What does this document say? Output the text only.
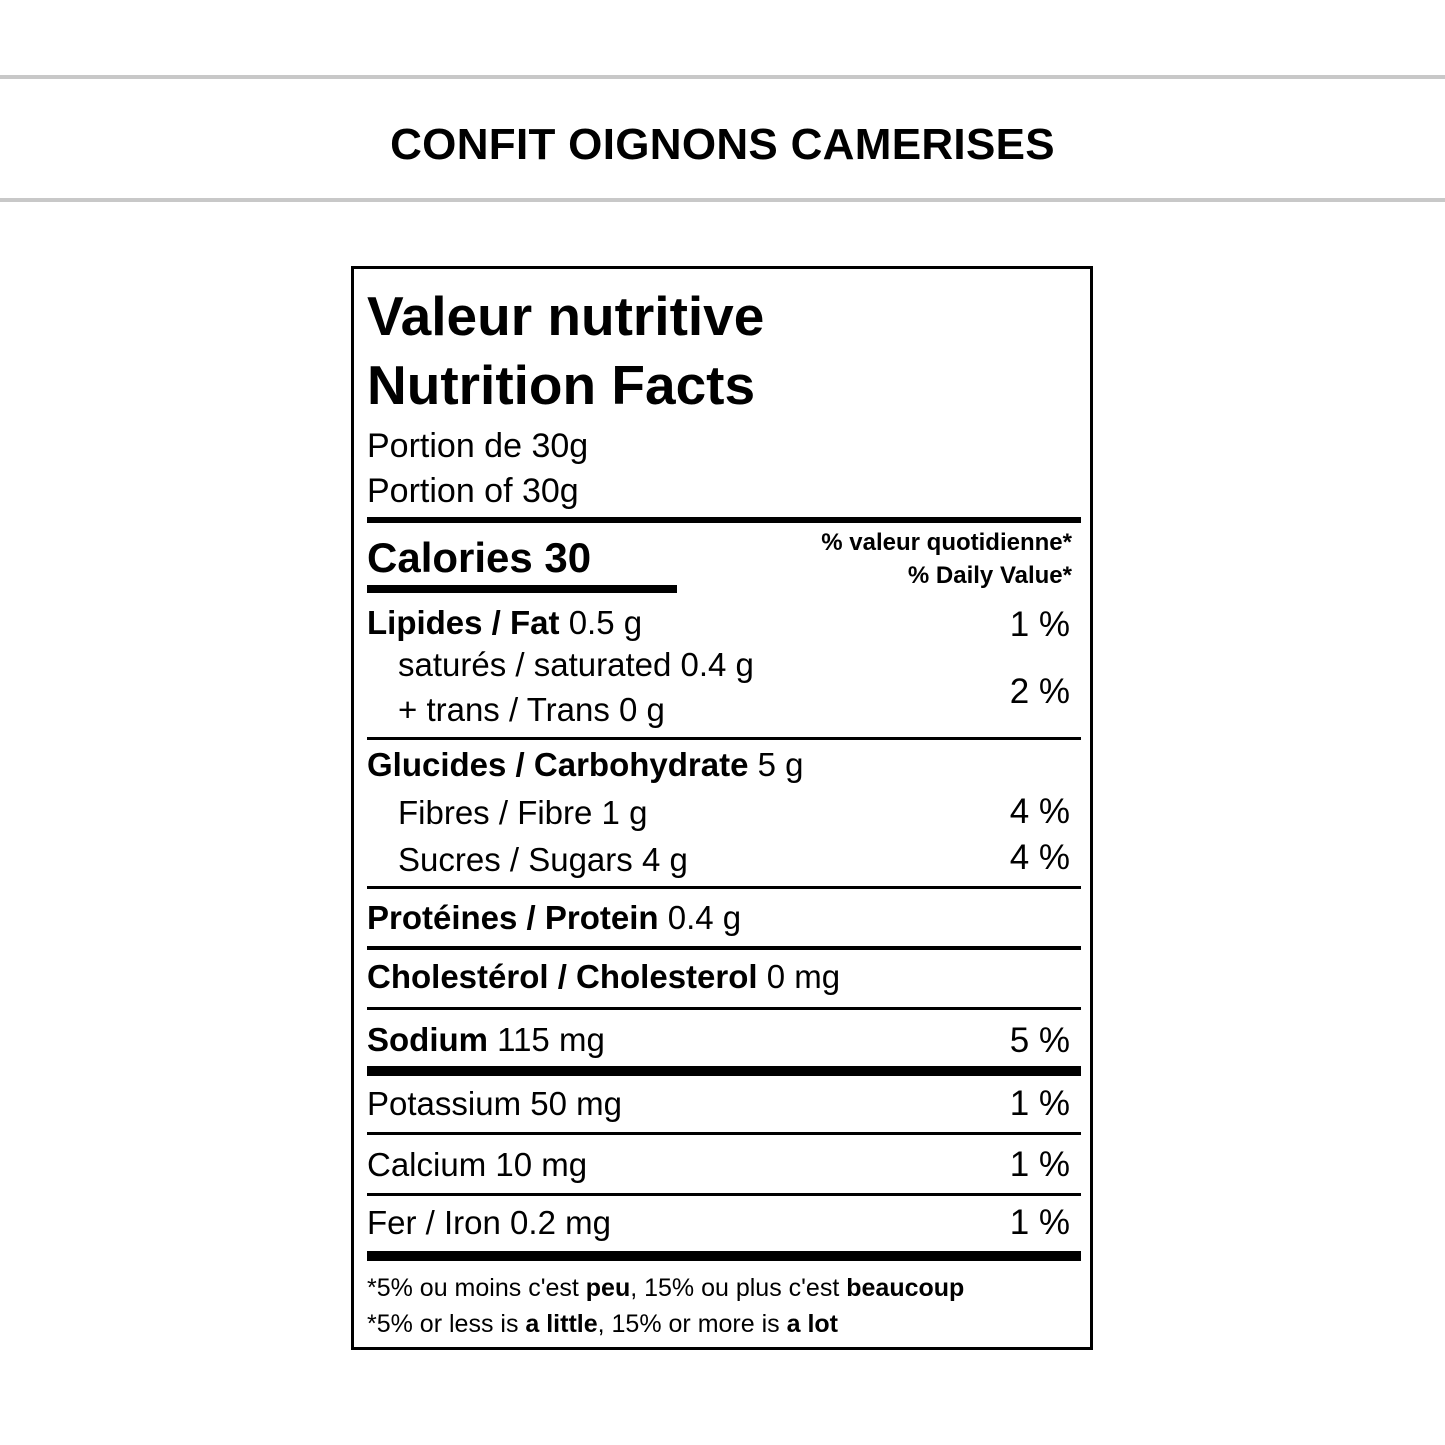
CONFIT OIGNONS CAMERISES
Valeur nutritive
Nutrition Facts
Portion de 30g
Portion of 30g
Calories 30	% valeur quotidienne*
% Daily Value*
Lipides / Fat 0.5 g	1 %
saturés / saturated 0.4 g
+ trans / Trans 0 g	2 %
Glucides / Carbohydrate 5 g
Fibres / Fibre 1 g	4 %
Sucres / Sugars 4 g	4 %
Protéines / Protein 0.4 g
Cholestérol / Cholesterol 0 mg
Sodium 115 mg	5 %
Potassium 50 mg	1 %
Calcium 10 mg	1 %
Fer / Iron 0.2 mg	1 %
*5% ou moins c'est peu, 15% ou plus c'est beaucoup
*5% or less is a little, 15% or more is a lot
